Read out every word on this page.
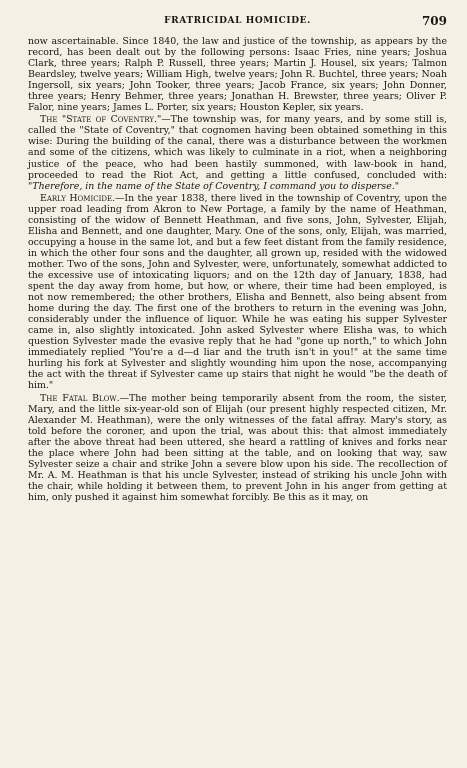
FRATRICIDAL HOMICIDE.	709

now ascertainable. Since 1840, the law and justice of the township, as appears by the record, has been dealt out by the following persons: Isaac Fries, nine years; Joshua Clark, three years; Ralph P. Russell, three years; Martin J. Housel, six years; Talmon Beardsley, twelve years; William High, twelve years; John R. Buchtel, three years; Noah Ingersoll, six years; John Tooker, three years; Jacob France, six years; John Donner, three years; Henry Behmer, three years; Jonathan H. Brewster, three years; Oliver P. Falor, nine years; James L. Porter, six years; Houston Kepler, six years.

The "State of Coventry."—The township was, for many years, and by some still is, called the "State of Coventry," that cognomen having been obtained something in this wise: During the building of the canal, there was a disturbance between the workmen and some of the citizens, which was likely to culminate in a riot, when a neighboring justice of the peace, who had been hastily summoned, with law-book in hand, proceeded to read the Riot Act, and getting a little confused, concluded with: "Therefore, in the name of the State of Coventry, I command you to disperse."

Early Homicide.—In the year 1838, there lived in the township of Coventry, upon the upper road leading from Akron to New Portage, a family by the name of Heathman, consisting of the widow of Bennett Heathman, and five sons, John, Sylvester, Elijah, Elisha and Bennett, and one daughter, Mary. One of the sons, only, Elijah, was married, occupying a house in the same lot, and but a few feet distant from the family residence, in which the other four sons and the daughter, all grown up, resided with the widowed mother. Two of the sons, John and Sylvester, were, unfortunately, somewhat addicted to the excessive use of intoxicating liquors; and on the 12th day of January, 1838, had spent the day away from home, but how, or where, their time had been employed, is not now remembered; the other brothers, Elisha and Bennett, also being absent from home during the day. The first one of the brothers to return in the evening was John, considerably under the influence of liquor. While he was eating his supper Sylvester came in, also slightly intoxicated. John asked Sylvester where Elisha was, to which question Sylvester made the evasive reply that he had "gone up north," to which John immediately replied "You're a d—d liar and the truth isn't in you!" at the same time hurling his fork at Sylvester and slightly wounding him upon the nose, accompanying the act with the threat if Sylvester came up stairs that night he would "be the death of him."

The Fatal Blow.—The mother being temporarily absent from the room, the sister, Mary, and the little six-year-old son of Elijah (our present highly respected citizen, Mr. Alexander M. Heathman), were the only witnesses of the fatal affray. Mary's story, as told before the coroner, and upon the trial, was about this: that almost immediately after the above threat had been uttered, she heard a rattling of knives and forks near the place where John had been sitting at the table, and on looking that way, saw Sylvester seize a chair and strike John a severe blow upon his side. The recollection of Mr. A. M. Heathman is that his uncle Sylvester, instead of striking his uncle John with the chair, while holding it between them, to prevent John in his anger from getting at him, only pushed it against him somewhat forcibly. Be this as it may, on
